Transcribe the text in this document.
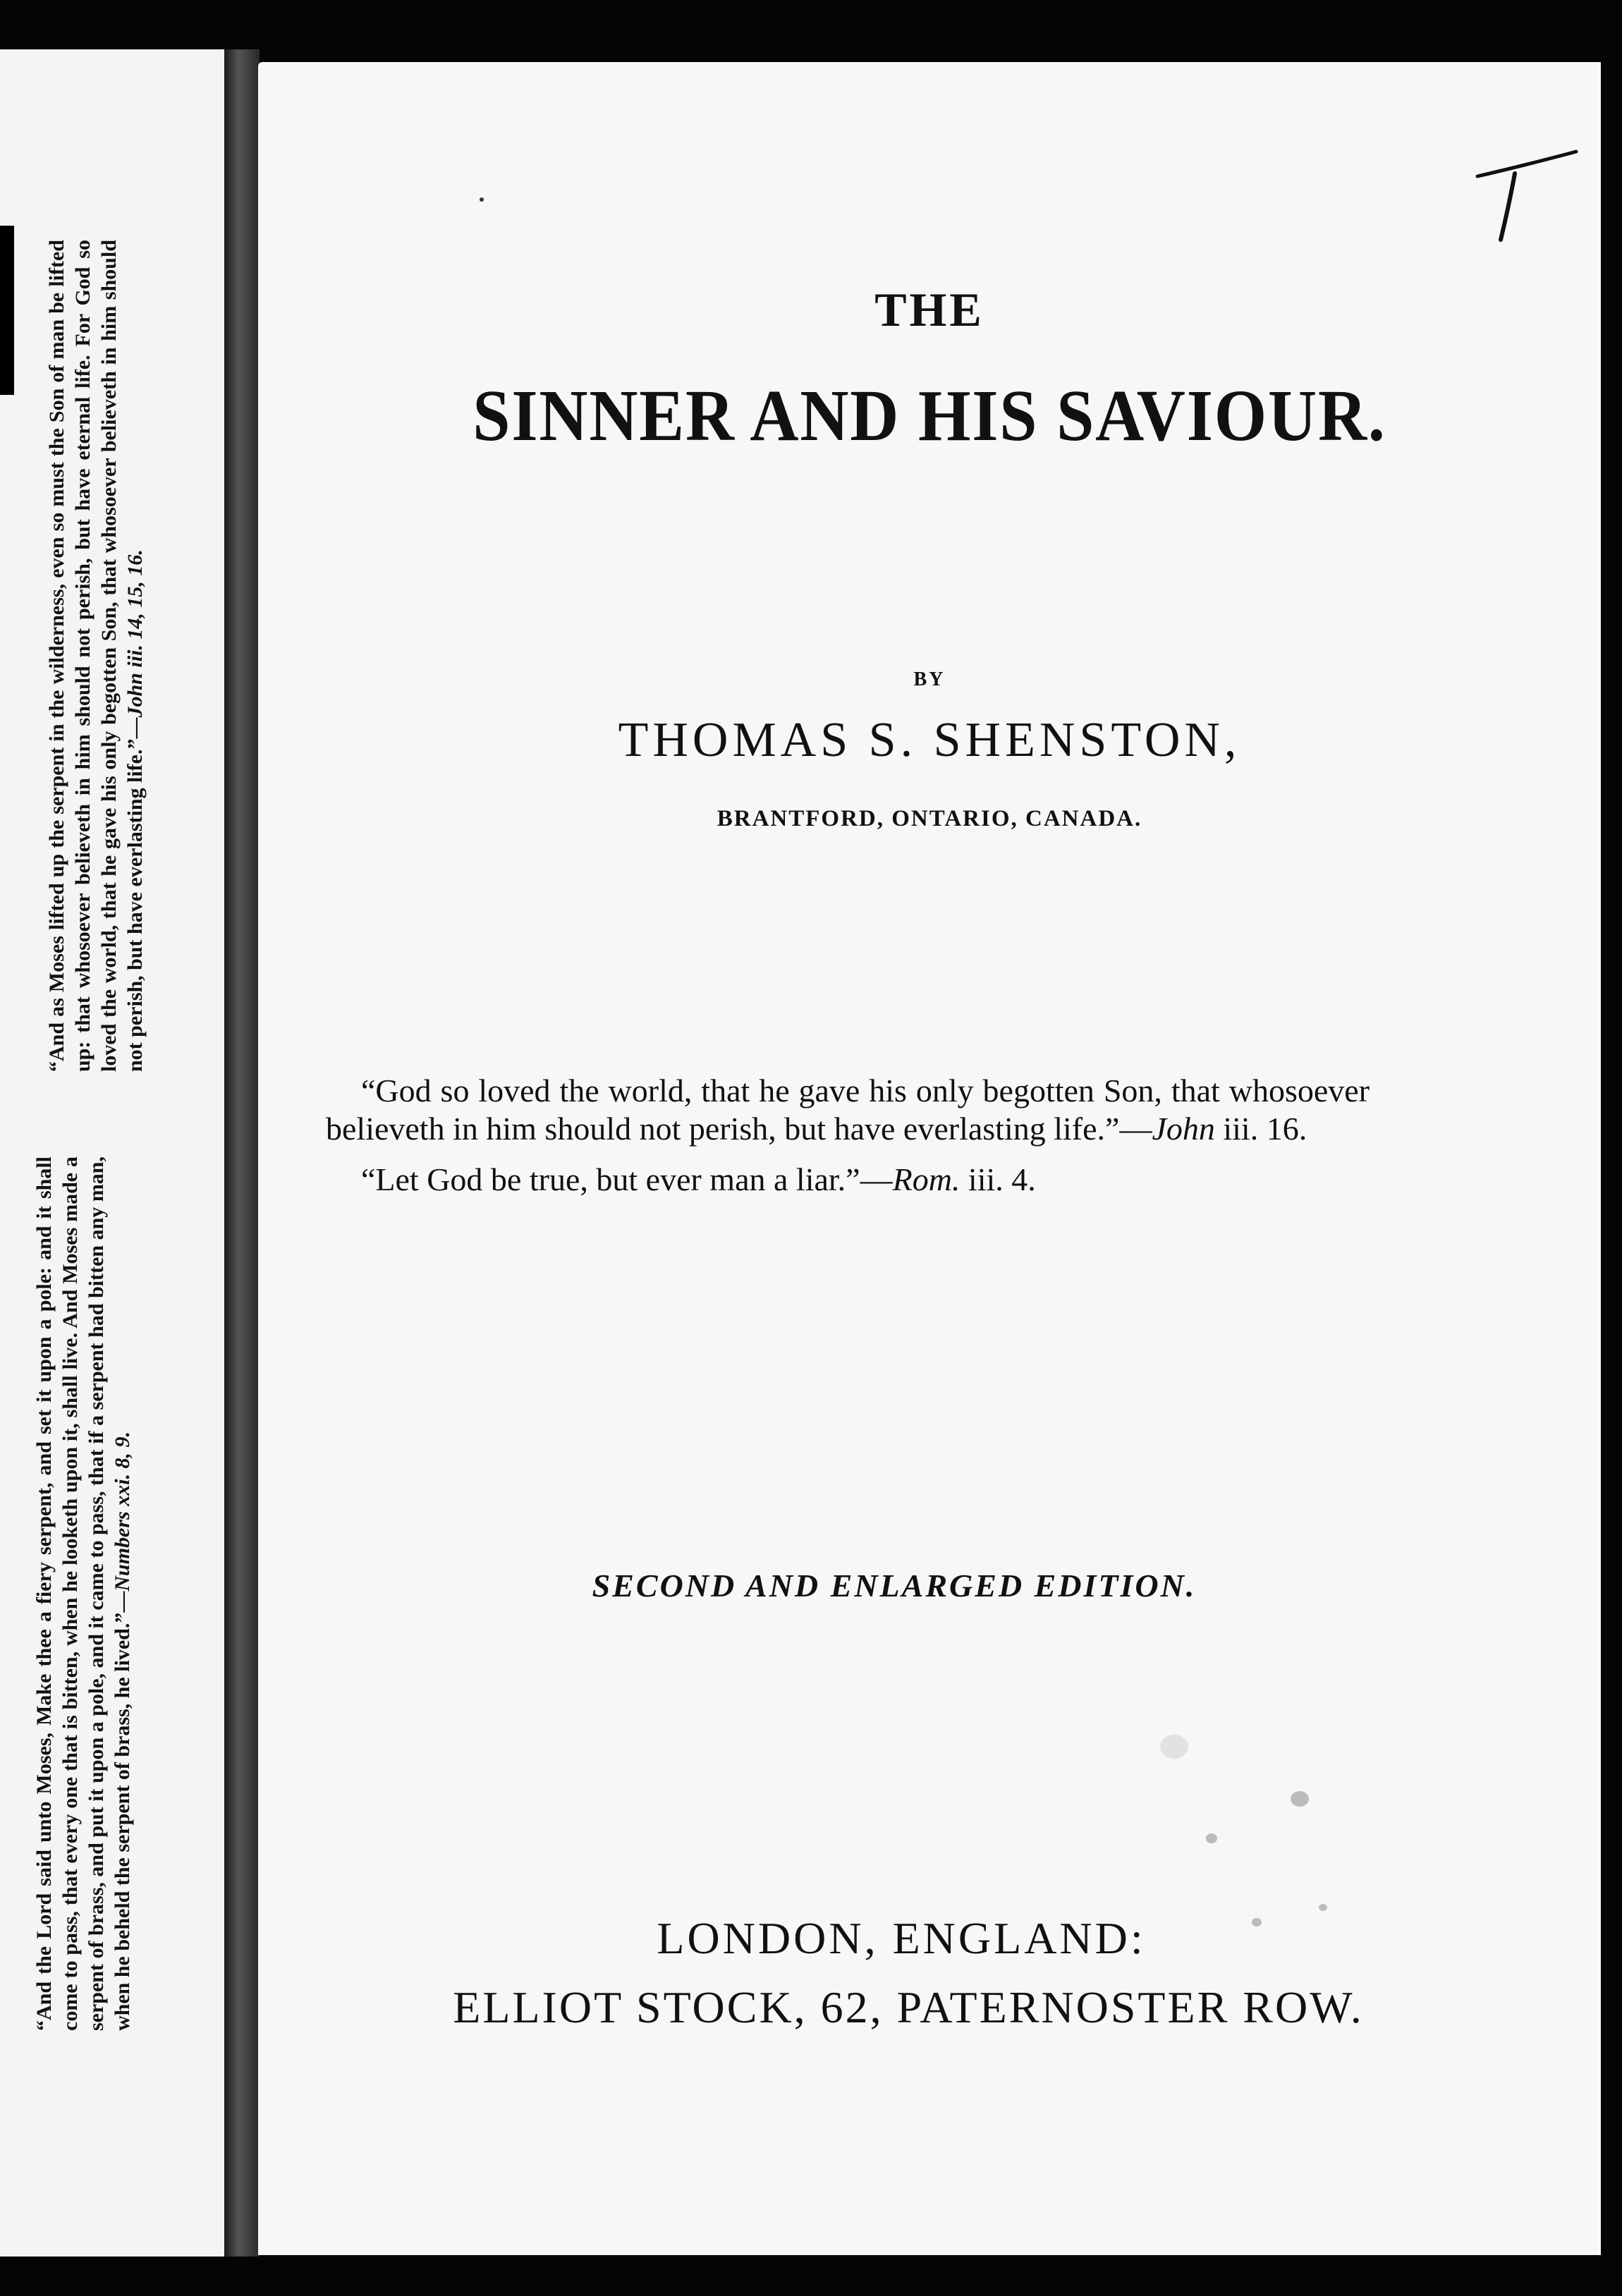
“And as Moses lifted up the serpent in the wilderness, even so must the Son of man be lifted up: that whosoever believeth in him should not perish, but have eternal life. For God so loved the world, that he gave his only begotten Son, that whosoever believeth in him should not perish, but have everlasting life.”—John iii. 14, 15, 16.

“And the Lord said unto Moses, Make thee a fiery serpent, and set it upon a pole: and it shall come to pass, that every one that is bitten, when he looketh upon it, shall live. And Moses made a serpent of brass, and put it upon a pole, and it came to pass, that if a serpent had bitten any man, when he beheld the serpent of brass, he lived.”—Numbers xxi. 8, 9.

THE
SINNER AND HIS SAVIOUR.
BY
THOMAS S. SHENSTON,
BRANTFORD, ONTARIO, CANADA.

“God so loved the world, that he gave his only begotten Son, that whosoever believeth in him should not perish, but have everlasting life.”—John iii. 16.

“Let God be true, but ever man a liar.”—Rom. iii. 4.

SECOND AND ENLARGED EDITION.
LONDON, ENGLAND:
ELLIOT STOCK, 62, PATERNOSTER ROW.
